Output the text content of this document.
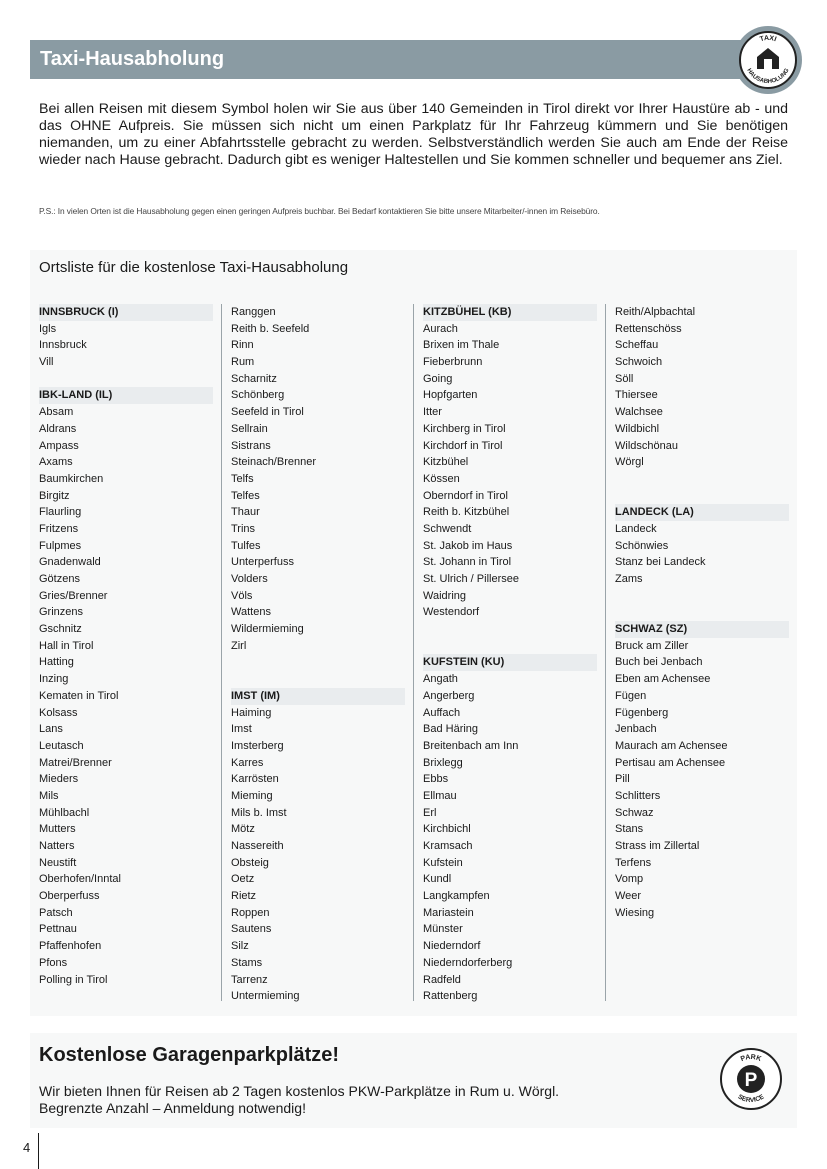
Taxi-Hausabholung
TAXI
HAUSABHOLUNG

Bei allen Reisen mit diesem Symbol holen wir Sie aus über 140 Gemeinden in Tirol direkt vor Ihrer Haustüre ab - und das OHNE Aufpreis. Sie müssen sich nicht um einen Parkplatz für Ihr Fahrzeug kümmern und Sie benötigen niemanden, um zu einer Abfahrtsstelle gebracht zu werden. Selbstverständlich werden Sie auch am Ende der Reise wieder nach Hause gebracht. Dadurch gibt es weniger Haltestellen und Sie kommen schneller und bequemer ans Ziel.

P.S.: In vielen Orten ist die Hausabholung gegen einen geringen Aufpreis buchbar. Bei Bedarf kontaktieren Sie bitte unsere Mitarbeiter/-innen im Reisebüro.

Ortsliste für die kostenlose Taxi-Hausabholung
INNSBRUCK (I)
Igls
Innsbruck
Vill
IBK-LAND (IL)
Absam
Aldrans
Ampass
Axams
Baumkirchen
Birgitz
Flaurling
Fritzens
Fulpmes
Gnadenwald
Götzens
Gries/Brenner
Grinzens
Gschnitz
Hall in Tirol
Hatting
Inzing
Kematen in Tirol
Kolsass
Lans
Leutasch
Matrei/Brenner
Mieders
Mils
Mühlbachl
Mutters
Natters
Neustift
Oberhofen/Inntal
Oberperfuss
Patsch
Pettnau
Pfaffenhofen
Pfons
Polling in Tirol
Ranggen
Reith b. Seefeld
Rinn
Rum
Scharnitz
Schönberg
Seefeld in Tirol
Sellrain
Sistrans
Steinach/Brenner
Telfs
Telfes
Thaur
Trins
Tulfes
Unterperfuss
Volders
Völs
Wattens
Wildermieming
Zirl
IMST (IM)
Haiming
Imst
Imsterberg
Karres
Karrösten
Mieming
Mils b. Imst
Mötz
Nassereith
Obsteig
Oetz
Rietz
Roppen
Sautens
Silz
Stams
Tarrenz
Untermieming
KITZBÜHEL (KB)
Aurach
Brixen im Thale
Fieberbrunn
Going
Hopfgarten
Itter
Kirchberg in Tirol
Kirchdorf in Tirol
Kitzbühel
Kössen
Oberndorf in Tirol
Reith b. Kitzbühel
Schwendt
St. Jakob im Haus
St. Johann in Tirol
St. Ulrich / Pillersee
Waidring
Westendorf
KUFSTEIN (KU)
Angath
Angerberg
Auffach
Bad Häring
Breitenbach am Inn
Brixlegg
Ebbs
Ellmau
Erl
Kirchbichl
Kramsach
Kufstein
Kundl
Langkampfen
Mariastein
Münster
Niederndorf
Niederndorferberg
Radfeld
Rattenberg
Reith/Alpbachtal
Rettenschöss
Scheffau
Schwoich
Söll
Thiersee
Walchsee
Wildbichl
Wildschönau
Wörgl
LANDECK (LA)
Landeck
Schönwies
Stanz bei Landeck
Zams
SCHWAZ (SZ)
Bruck am Ziller
Buch bei Jenbach
Eben am Achensee
Fügen
Fügenberg
Jenbach
Maurach am Achensee
Pertisau am Achensee
Pill
Schlitters
Schwaz
Stans
Strass im Zillertal
Terfens
Vomp
Weer
Wiesing
Kostenlose Garagenparkplätze!
Wir bieten Ihnen für Reisen ab 2 Tagen kostenlos PKW-Parkplätze in Rum u. Wörgl.
Begrenzte Anzahl – Anmeldung notwendig!
PARK
SERVICE
P
4
